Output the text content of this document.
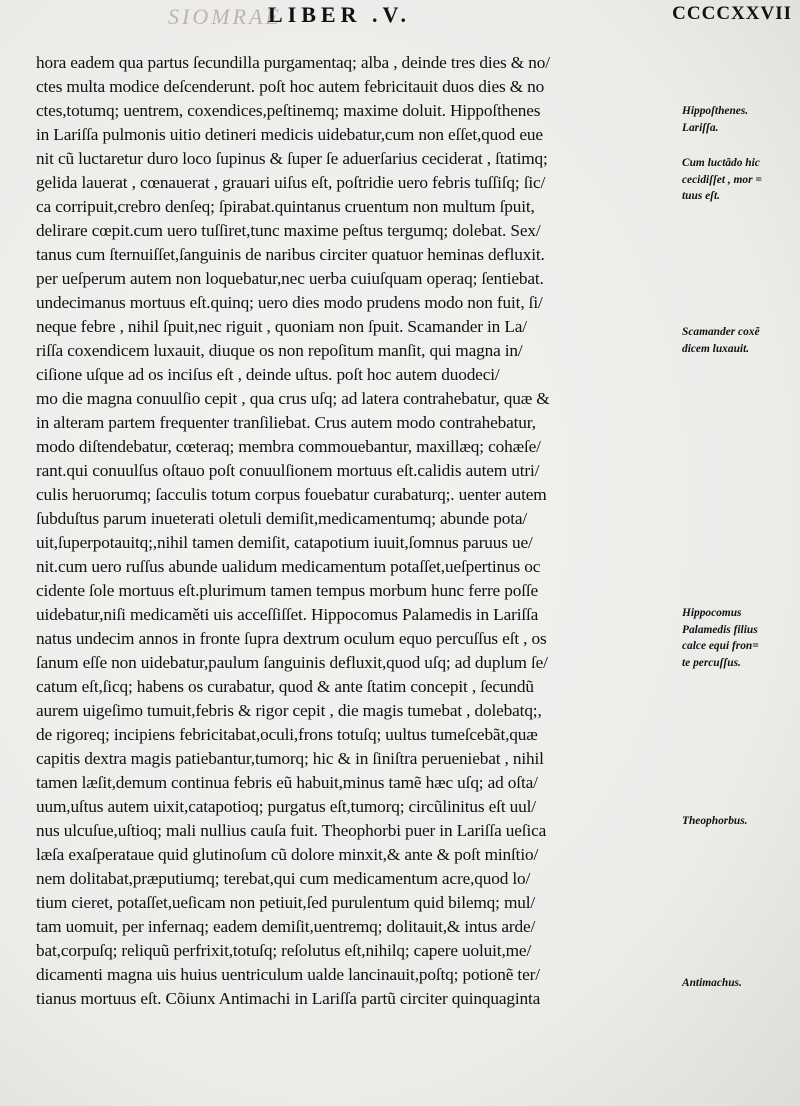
SIOMRAE
LIBER .V.	CCCCXXVII
hora eadem qua partus ſecundilla purgamentaq; alba , deinde tres dies & no/
ctes multa modice deſcenderunt. poſt hoc autem febricitauit duos dies & no
ctes,totumq; uentrem, coxendices,peſtinemq; maxime doluit. Hippoſthenes
in Lariſſa pulmonis uitio detineri medicis uidebatur,cum non eſſet,quod eue
nit cũ luctaretur duro loco ſupinus & ſuper ſe aduerſarius ceciderat , ſtatimq;
gelida lauerat , cœnauerat , grauari uiſus eſt, poſtridie uero febris tuſſiſq; ſic/
ca corripuit,crebro denſeq; ſpirabat.quintanus cruentum non multum ſpuit,
delirare cœpit.cum uero tuſſiret,tunc maxime peſtus tergumq; dolebat. Sex/
tanus cum ſternuiſſet,ſanguinis de naribus circiter quatuor heminas defluxit.
per ueſperum autem non loquebatur,nec uerba cuiuſquam operaq; ſentiebat.
undecimanus mortuus eſt.quinq; uero dies modo prudens modo non fuit, ſi/
neque febre , nihil ſpuit,nec riguit , quoniam non ſpuit. Scamander in La/
riſſa coxendicem luxauit, diuque os non repoſitum manſit, qui magna in/
ciſione uſque ad os inciſus eſt , deinde uſtus. poſt hoc autem duodeci/
mo die magna conuulſio cepit , qua crus uſq; ad latera contrahebatur, quæ &
in alteram partem frequenter tranſiliebat. Crus autem modo contrahebatur,
modo diſtendebatur, cœteraq; membra commouebantur, maxillæq; cohæſe/
rant.qui conuulſus oſtauo poſt conuulſionem mortuus eſt.calidis autem utri/
culis heruorumq; ſacculis totum corpus fouebatur curabaturq;. uenter autem
ſubduſtus parum inueterati oletuli demiſit,medicamentumq; abunde pota/
uit,ſuperpotauitq;,nihil tamen demiſit, catapotium iuuit,ſomnus paruus ue/
nit.cum uero ruſſus abunde ualidum medicamentum potaſſet,ueſpertinus oc
cidente ſole mortuus eſt.plurimum tamen tempus morbum hunc ferre poſſe
uidebatur,niſi medicaměti uis acceſſiſſet. Hippocomus Palamedis in Lariſſa
natus undecim annos in fronte ſupra dextrum oculum equo percuſſus eſt , os
ſanum eſſe non uidebatur,paulum ſanguinis defluxit,quod uſq; ad duplum ſe/
catum eſt,ſicq; habens os curabatur, quod & ante ſtatim concepit , ſecundũ
aurem uigeſimo tumuit,febris & rigor cepit , die magis tumebat , dolebatq;,
de rigoreq; incipiens febricitabat,oculi,frons totuſq; uultus tumeſcebãt,quæ
capitis dextra magis patiebantur,tumorq; hic & in ſiniſtra perueniebat , nihil
tamen læſit,demum continua febris eũ habuit,minus tamẽ hæc uſq; ad oſta/
uum,uſtus autem uixit,catapotioq; purgatus eſt,tumorq; circũlinitus eſt uul/
nus ulcuſue,uſtioq; mali nullius cauſa fuit. Theophorbi puer in Lariſſa ueſica
læſa exaſperataue quid glutinoſum cũ dolore minxit,& ante & poſt minſtio/
nem dolitabat,præputiumq; terebat,qui cum medicamentum acre,quod lo/
tium cieret, potaſſet,ueſicam non petiuit,ſed purulentum quid bilemq; mul/
tam uomuit, per infernaq; eadem demiſit,uentremq; dolitauit,& intus arde/
bat,corpuſq; reliquũ perfrixit,totuſq; reſolutus eſt,nihilq; capere uoluit,me/
dicamenti magna uis huius uentriculum ualde lancinauit,poſtq; potionẽ ter/
tianus mortuus eſt. Cõiunx Antimachi in Lariſſa partũ circiter quinquaginta
Hippoſthenes.
Lariſſa.
Cum luctãdo hic
cecidiſſet , mor =
tuus eſt.
Scamander coxẽ
dicem luxauit.
Hippocomus
Palamedis filius
calce equi fron=
te percuſſus.
Theophorbus.
Antimachus.
